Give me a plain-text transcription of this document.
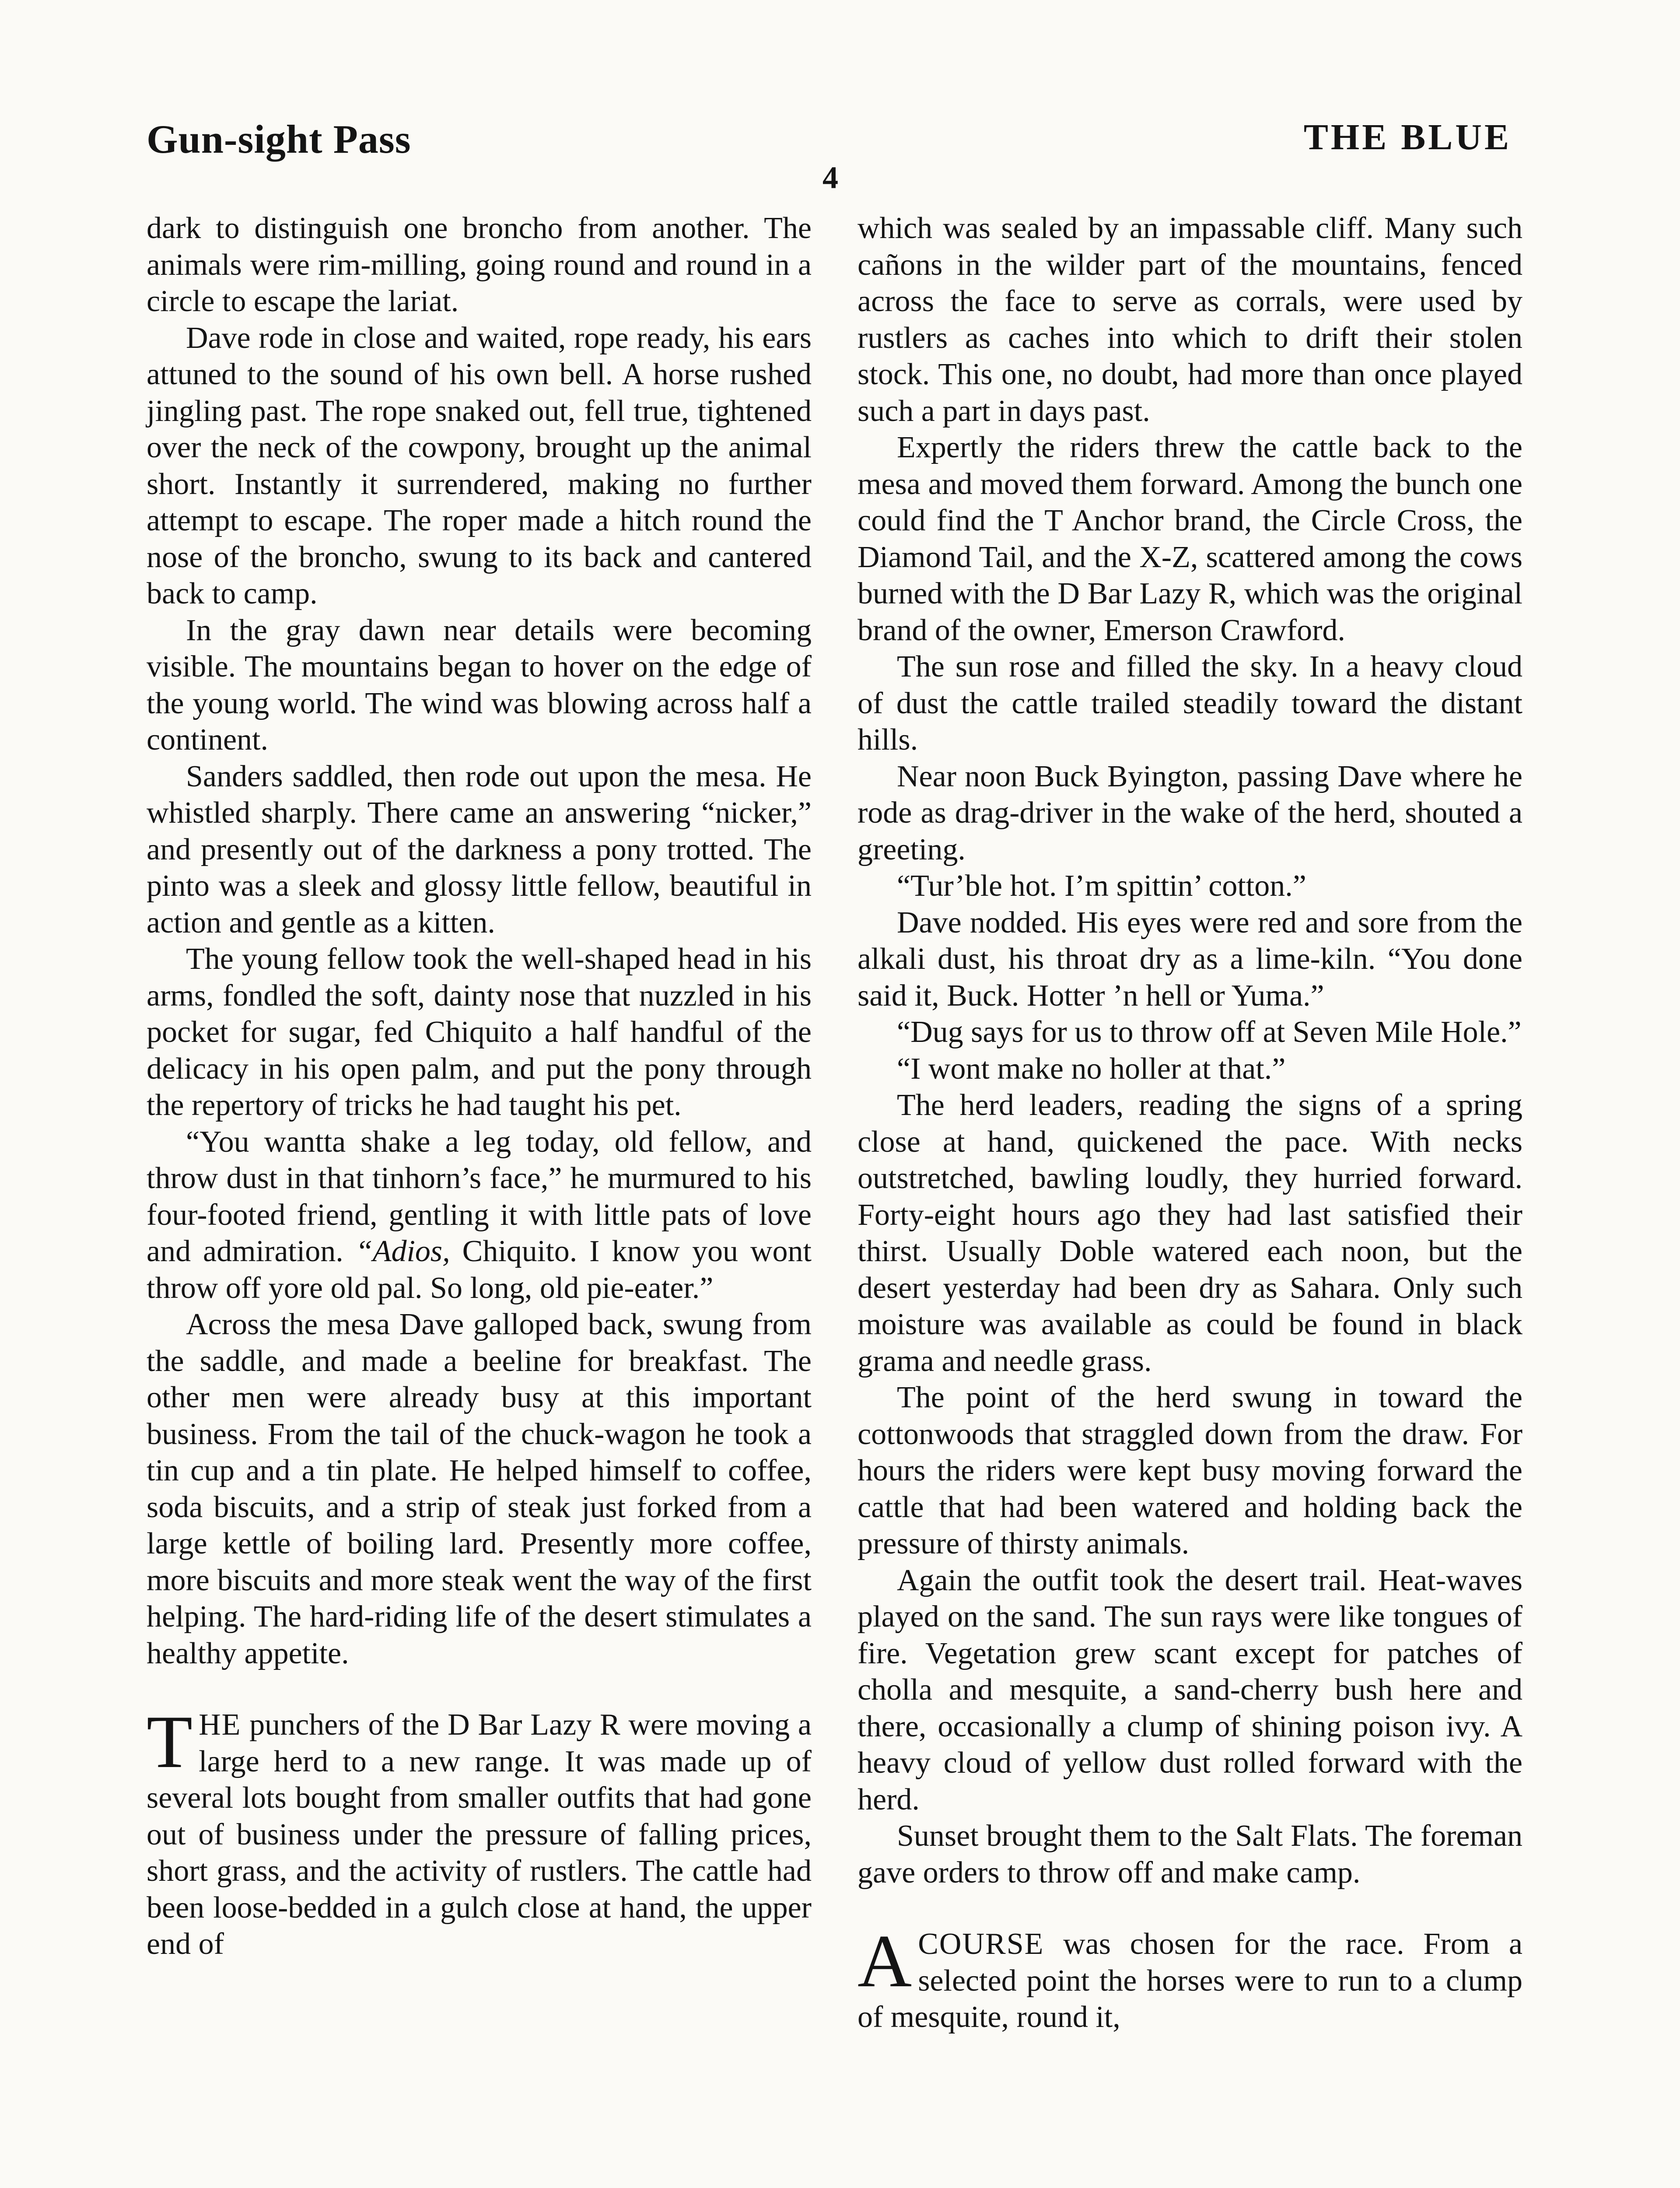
Gun-sight Pass	THE BLUE
4

dark to distinguish one broncho from another. The animals were rim-milling, going round and round in a circle to escape the lariat.

Dave rode in close and waited, rope ready, his ears attuned to the sound of his own bell. A horse rushed jingling past. The rope snaked out, fell true, tightened over the neck of the cowpony, brought up the animal short. Instantly it surrendered, making no further attempt to escape. The roper made a hitch round the nose of the broncho, swung to its back and cantered back to camp.

In the gray dawn near details were becoming visible. The mountains began to hover on the edge of the young world. The wind was blowing across half a continent.

Sanders saddled, then rode out upon the mesa. He whistled sharply. There came an answering “nicker,” and presently out of the darkness a pony trotted. The pinto was a sleek and glossy little fellow, beautiful in action and gentle as a kitten.

The young fellow took the well-shaped head in his arms, fondled the soft, dainty nose that nuzzled in his pocket for sugar, fed Chiquito a half handful of the delicacy in his open palm, and put the pony through the repertory of tricks he had taught his pet.

“You wantta shake a leg today, old fellow, and throw dust in that tinhorn’s face,” he murmured to his four-footed friend, gentling it with little pats of love and admiration. “Adios, Chiquito. I know you wont throw off yore old pal. So long, old pie-eater.”

Across the mesa Dave galloped back, swung from the saddle, and made a beeline for breakfast. The other men were already busy at this important business. From the tail of the chuck-wagon he took a tin cup and a tin plate. He helped himself to coffee, soda biscuits, and a strip of steak just forked from a large kettle of boiling lard. Presently more coffee, more biscuits and more steak went the way of the first helping. The hard-riding life of the desert stimulates a healthy appetite.

THE punchers of the D Bar Lazy R were moving a large herd to a new range. It was made up of several lots bought from smaller outfits that had gone out of business under the pressure of falling prices, short grass, and the activity of rustlers. The cattle had been loose-bedded in a gulch close at hand, the upper end of

which was sealed by an impassable cliff. Many such cañons in the wilder part of the mountains, fenced across the face to serve as corrals, were used by rustlers as caches into which to drift their stolen stock. This one, no doubt, had more than once played such a part in days past.

Expertly the riders threw the cattle back to the mesa and moved them forward. Among the bunch one could find the T Anchor brand, the Circle Cross, the Diamond Tail, and the X-Z, scattered among the cows burned with the D Bar Lazy R, which was the original brand of the owner, Emerson Crawford.

The sun rose and filled the sky. In a heavy cloud of dust the cattle trailed steadily toward the distant hills.

Near noon Buck Byington, passing Dave where he rode as drag-driver in the wake of the herd, shouted a greeting.

“Tur’ble hot. I’m spittin’ cotton.”

Dave nodded. His eyes were red and sore from the alkali dust, his throat dry as a lime-kiln. “You done said it, Buck. Hotter ’n hell or Yuma.”

“Dug says for us to throw off at Seven Mile Hole.”

“I wont make no holler at that.”

The herd leaders, reading the signs of a spring close at hand, quickened the pace. With necks outstretched, bawling loudly, they hurried forward. Forty-eight hours ago they had last satisfied their thirst. Usually Doble watered each noon, but the desert yesterday had been dry as Sahara. Only such moisture was available as could be found in black grama and needle grass.

The point of the herd swung in toward the cottonwoods that straggled down from the draw. For hours the riders were kept busy moving forward the cattle that had been watered and holding back the pressure of thirsty animals.

Again the outfit took the desert trail. Heat-waves played on the sand. The sun rays were like tongues of fire. Vegetation grew scant except for patches of cholla and mesquite, a sand-cherry bush here and there, occasionally a clump of shining poison ivy. A heavy cloud of yellow dust rolled forward with the herd.

Sunset brought them to the Salt Flats. The foreman gave orders to throw off and make camp.

ACOURSE was chosen for the race. From a selected point the horses were to run to a clump of mesquite, round it,
